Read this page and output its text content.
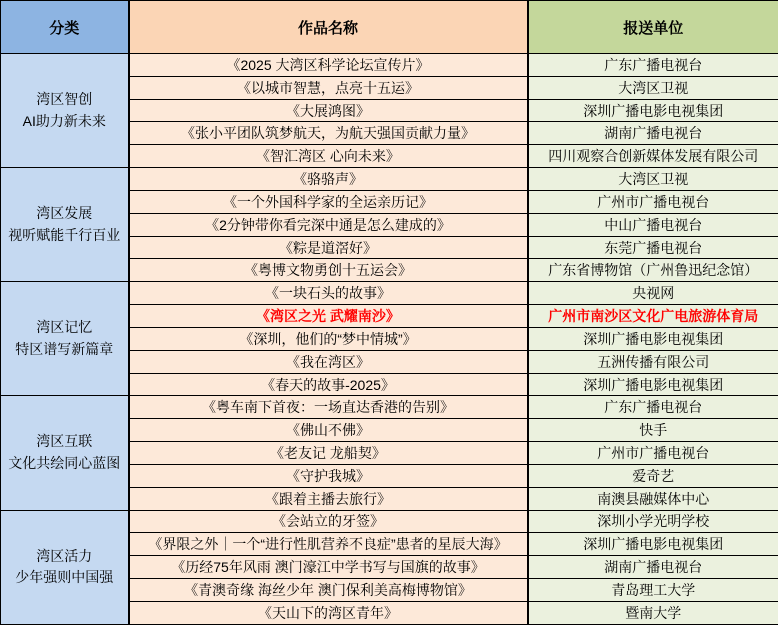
分类	作品名称	报送单位
湾区智创
AI助力新未来	《2025 大湾区科学论坛宣传片》	广东广播电视台
	《以城市智慧，点亮十五运》	大湾区卫视
	《大展鸿图》	深圳广播电影电视集团
	《张小平团队筑梦航天，为航天强国贡献力量》	湖南广播电视台
	《智汇湾区 心向未来》	四川观察合创新媒体发展有限公司
湾区发展
视听赋能千行百业	《骆骆声》	大湾区卫视
	《一个外国科学家的全运亲历记》	广州市广播电视台
	《2分钟带你看完深中通是怎么建成的》	中山广播电视台
	《粽是道滘好》	东莞广播电视台
	《粤博文物勇创十五运会》	广东省博物馆（广州鲁迅纪念馆）
湾区记忆
特区谱写新篇章	《一块石头的故事》	央视网
	《湾区之光 武耀南沙》	广州市南沙区文化广电旅游体育局
	《深圳，他们的“梦中情城”》	深圳广播电影电视集团
	《我在湾区》	五洲传播有限公司
	《春天的故事-2025》	深圳广播电影电视集团
湾区互联
文化共绘同心蓝图	《粤车南下首夜：一场直达香港的告别》	广东广播电视台
	《佛山不佛》	快手
	《老友记 龙船契》	广州市广播电视台
	《守护我城》	爱奇艺
	《跟着主播去旅行》	南澳县融媒体中心
湾区活力
少年强则中国强	《会站立的牙签》	深圳小学光明学校
	《界限之外｜一个“进行性肌营养不良症”患者的星辰大海》	深圳广播电影电视集团
	《历经75年风雨 澳门濠江中学书写与国旗的故事》	湖南广播电视台
	《青澳奇缘 海丝少年 澳门保利美高梅博物馆》	青岛理工大学
	《天山下的湾区青年》	暨南大学
